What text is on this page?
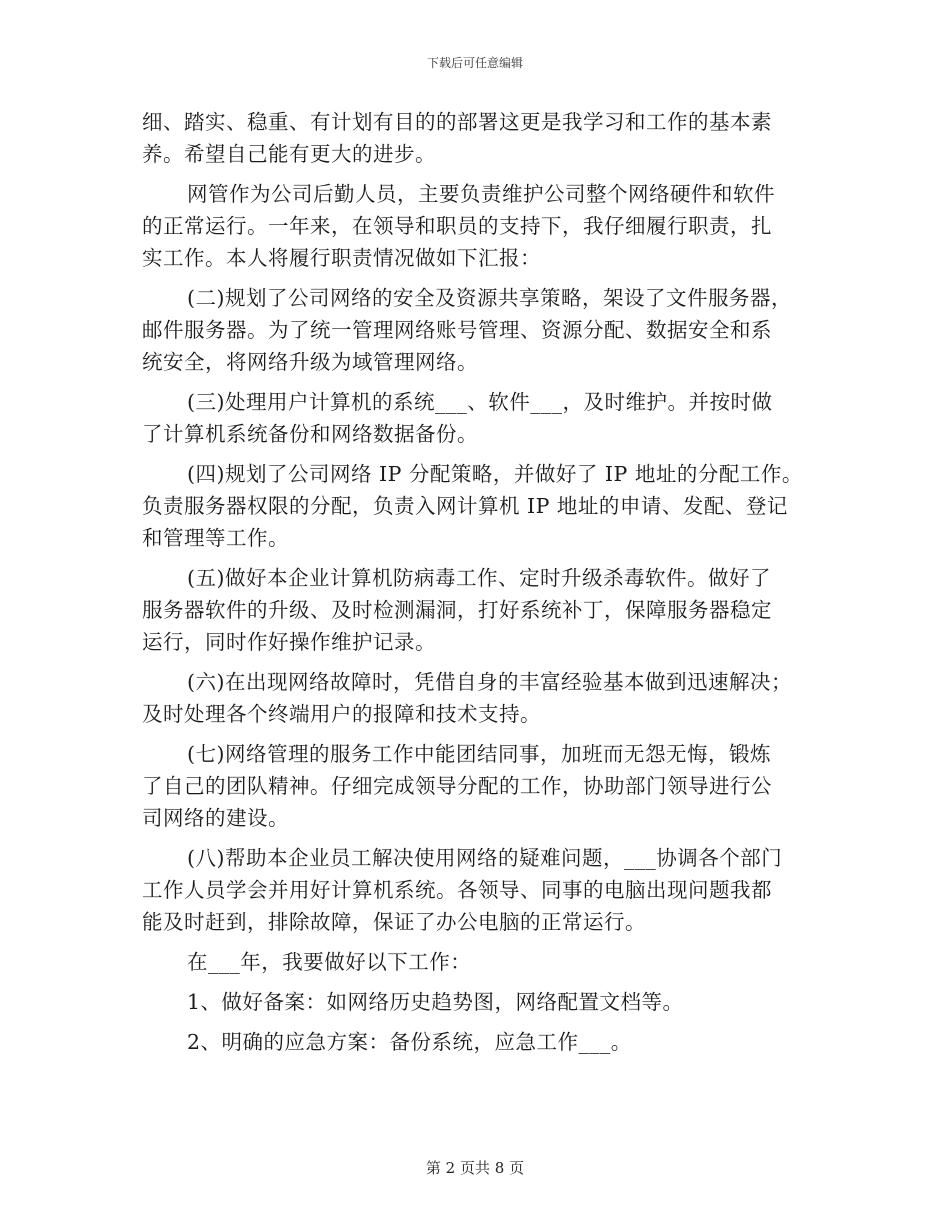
下载后可任意编辑
细、踏实、稳重、有计划有目的的部署这更是我学习和工作的基本素
养。希望自己能有更大的进步。
网管作为公司后勤人员，主要负责维护公司整个网络硬件和软件
的正常运行。一年来，在领导和职员的支持下，我仔细履行职责，扎
实工作。本人将履行职责情况做如下汇报：
(二)规划了公司网络的安全及资源共享策略，架设了文件服务器，
邮件服务器。为了统一管理网络账号管理、资源分配、数据安全和系
统安全，将网络升级为域管理网络。
(三)处理用户计算机的系统___、软件___，及时维护。并按时做
了计算机系统备份和网络数据备份。
(四)规划了公司网络 IP 分配策略，并做好了 IP 地址的分配工作。
负责服务器权限的分配，负责入网计算机 IP 地址的申请、发配、登记
和管理等工作。
(五)做好本企业计算机防病毒工作、定时升级杀毒软件。做好了
服务器软件的升级、及时检测漏洞，打好系统补丁，保障服务器稳定
运行，同时作好操作维护记录。
(六)在出现网络故障时，凭借自身的丰富经验基本做到迅速解决；
及时处理各个终端用户的报障和技术支持。
(七)网络管理的服务工作中能团结同事，加班而无怨无悔，锻炼
了自己的团队精神。仔细完成领导分配的工作，协助部门领导进行公
司网络的建设。
(八)帮助本企业员工解决使用网络的疑难问题，___协调各个部门
工作人员学会并用好计算机系统。各领导、同事的电脑出现问题我都
能及时赶到，排除故障，保证了办公电脑的正常运行。
在___年，我要做好以下工作：
1、做好备案：如网络历史趋势图，网络配置文档等。
2、明确的应急方案：备份系统，应急工作___。
第 2 页共 8 页
